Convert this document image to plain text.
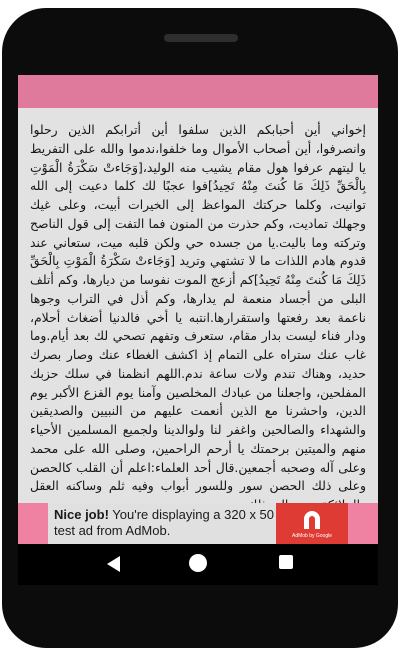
إخواني أين أحبابكم الذين سلفوا أين أترابكم الذين رحلوا وانصرفوا، أين أصحاب الأموال وما خلفوا،ندموا والله على التفريط يا ليتهم عرفوا هول مقام يشيب منه الوليد،[وَجَاءتْ سَكْرَةُ الْمَوْتِ بِالْحَقِّ ذَلِكَ مَا كُنتَ مِنْهُ تَحِيدُ]فوا عجبًا لك كلما دعيت إلى الله توانيت، وكلما حركتك المواعظ إلى الخيرات أبيت، وعلى غيك وجهلك تماديت، وكم حذرت من المنون فما التفت إلى قول الناصح وتركته وما باليت.يا من جسده حي ولكن قلبه ميت، ستعاني عند قدوم هادم اللذات ما لا تشتهي وتريد [وَجَاءتْ سَكْرَةُ الْمَوْتِ بِالْحَقِّ ذَلِكَ مَا كُنتَ مِنْهُ تَحِيدُ]كم أزعج الموت نفوسا من ديارها، وكم أتلف البلى من أجساد منعمة لم يدارها، وكم أذل في التراب وجوها ناعمة بعد رفعتها واستقرارها.انتبه يا أخي فالدنيا أضغاث أحلام، ودار فناء ليست بدار مقام، ستعرف وتفهم تصحي لك بعد أيام.وما غاب عنك ستراه على التمام إذ اكشف الغطاء عنك وصار بصرك حديد، وهناك تندم ولات ساعة ندم.اللهم انظمنا في سلك حزبك المفلحين، واجعلنا من عبادك المخلصين وآمنا يوم الفزع الأكبر يوم الدين، واحشرنا مع الذين أنعمت عليهم من النبيين والصديقين والشهداء والصالحين واغفر لنا ولوالدينا ولجميع المسلمين الأحياء منهم والميتين برحمتك يا أرحم الراحمين، وصلى الله على محمد وعلى آله وصحبه أجمعين.قال أحد العلماء:اعلم أن القلب كالحصن وعلى ذلك الحصن سور وللسور أبواب وفيه ثلم وساكنه العقل

Nice job! You're displaying a 320 x 50 test ad from AdMob.	AdMob by Google
